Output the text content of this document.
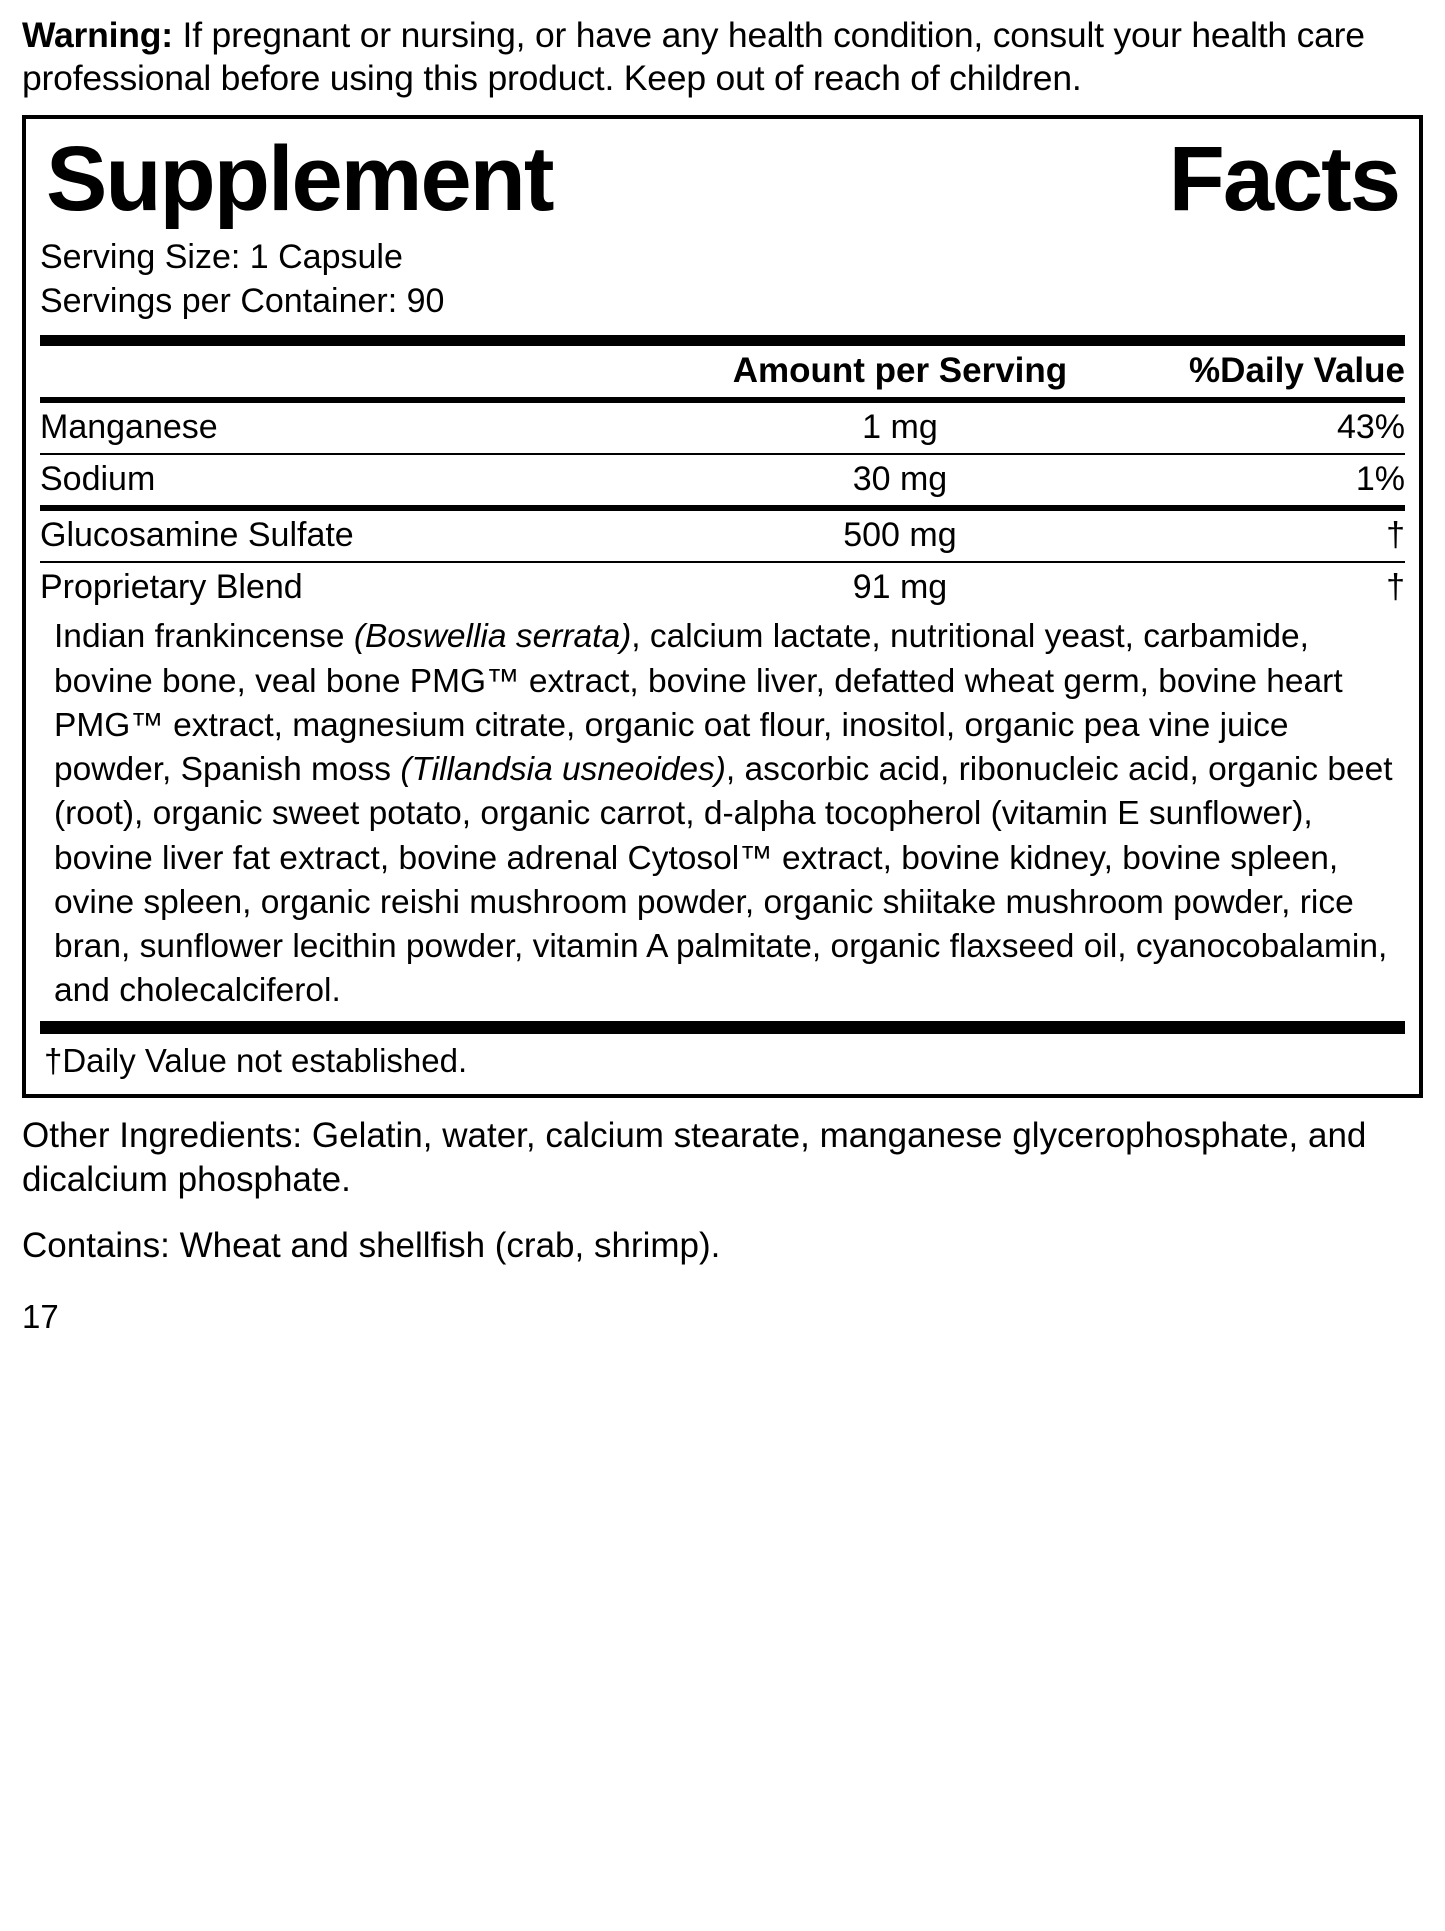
Warning: If pregnant or nursing, or have any health condition, consult your health care professional before using this product. Keep out of reach of children.

Supplement	Facts
Serving Size: 1 Capsule
Servings per Container: 90
	Amount per Serving	%Daily Value
Manganese	1 mg	43%
Sodium	30 mg	1%
Glucosamine Sulfate	500 mg	†
Proprietary Blend	91 mg	†
Indian frankincense (Boswellia serrata), calcium lactate, nutritional yeast, carbamide, bovine bone, veal bone PMG™ extract, bovine liver, defatted wheat germ, bovine heart PMG™ extract, magnesium citrate, organic oat flour, inositol, organic pea vine juice powder, Spanish moss (Tillandsia usneoides), ascorbic acid, ribonucleic acid, organic beet (root), organic sweet potato, organic carrot, d-alpha tocopherol (vitamin E sunflower), bovine liver fat extract, bovine adrenal Cytosol™ extract, bovine kidney, bovine spleen, ovine spleen, organic reishi mushroom powder, organic shiitake mushroom powder, rice bran, sunflower lecithin powder, vitamin A palmitate, organic flaxseed oil, cyanocobalamin, and cholecalciferol.
†Daily Value not established.

Other Ingredients: Gelatin, water, calcium stearate, manganese glycerophosphate, and dicalcium phosphate.

Contains: Wheat and shellfish (crab, shrimp).

17
